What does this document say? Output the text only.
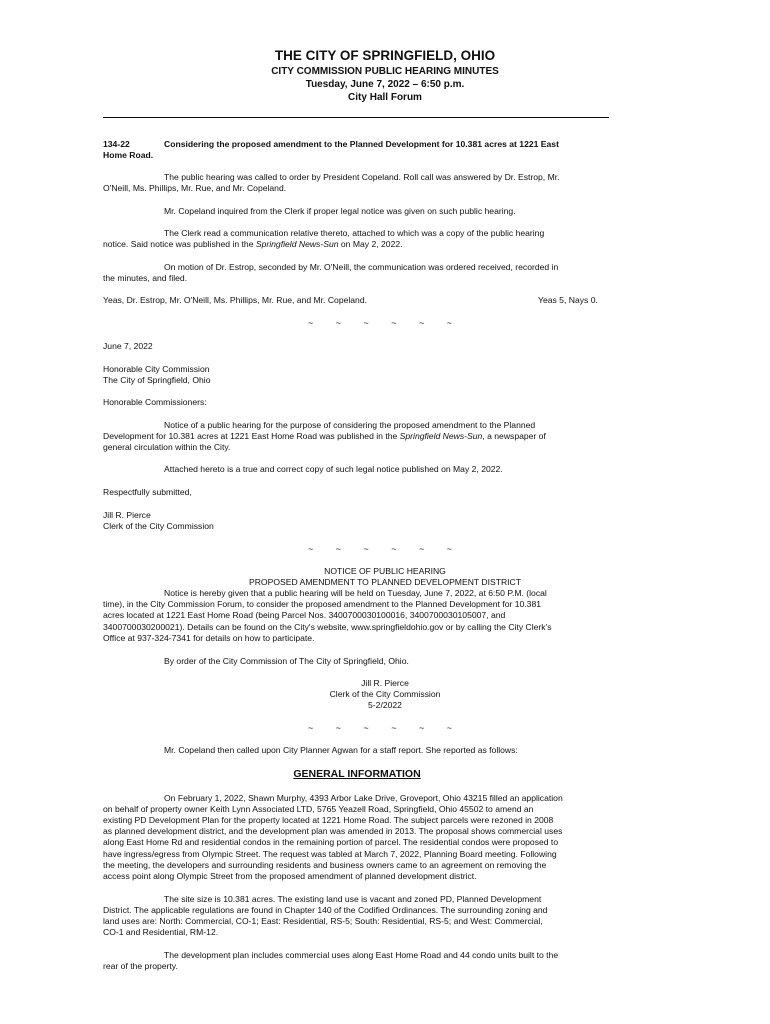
THE CITY OF SPRINGFIELD, OHIO
CITY COMMISSION PUBLIC HEARING MINUTES
Tuesday, June 7, 2022 – 6:50 p.m.
City Hall Forum
134-22	Considering the proposed amendment to the Planned Development for 10.381 acres at 1221 East
Home Road.
The public hearing was called to order by President Copeland. Roll call was answered by Dr. Estrop, Mr.
O'Neill, Ms. Phillips, Mr. Rue, and Mr. Copeland.
Mr. Copeland inquired from the Clerk if proper legal notice was given on such public hearing.
The Clerk read a communication relative thereto, attached to which was a copy of the public hearing
notice. Said notice was published in the Springfield News-Sun on May 2, 2022.
On motion of Dr. Estrop, seconded by Mr. O'Neill, the communication was ordered received, recorded in
the minutes, and filed.
Yeas, Dr. Estrop, Mr. O'Neill, Ms. Phillips, Mr. Rue, and Mr. Copeland.	Yeas 5, Nays 0.
~ ~ ~ ~ ~ ~
June 7, 2022
Honorable City Commission
The City of Springfield, Ohio
Honorable Commissioners:
Notice of a public hearing for the purpose of considering the proposed amendment to the Planned
Development for 10.381 acres at 1221 East Home Road was published in the Springfield News-Sun, a newspaper of
general circulation within the City.
Attached hereto is a true and correct copy of such legal notice published on May 2, 2022.
Respectfully submitted,
Jill R. Pierce
Clerk of the City Commission
~ ~ ~ ~ ~ ~
NOTICE OF PUBLIC HEARING
PROPOSED AMENDMENT TO PLANNED DEVELOPMENT DISTRICT
Notice is hereby given that a public hearing will be held on Tuesday, June 7, 2022, at 6:50 P.M. (local
time), in the City Commission Forum, to consider the proposed amendment to the Planned Development for 10.381
acres located at 1221 East Home Road (being Parcel Nos. 340070003010001​6, 340070003010500​7, and
340070003020002​1). Details can be found on the City's website, www.springfieldohio.gov or by calling the City Clerk's
Office at 937-324-7341 for details on how to participate.
By order of the City Commission of The City of Springfield, Ohio.
Jill R. Pierce
Clerk of the City Commission
5-2/2022
~ ~ ~ ~ ~ ~
Mr. Copeland then called upon City Planner Agwan for a staff report. She reported as follows:
GENERAL INFORMATION
On February 1, 2022, Shawn Murphy, 4393 Arbor Lake Drive, Groveport, Ohio 43215 filled an application
on behalf of property owner Keith Lynn Associated LTD, 5765 Yeazell Road, Springfield, Ohio 45502 to amend an
existing PD Development Plan for the property located at 1221 Home Road. The subject parcels were rezoned in 2008
as planned development district, and the development plan was amended in 2013. The proposal shows commercial uses
along East Home Rd and residential condos in the remaining portion of parcel. The residential condos were proposed to
have ingress/egress from Olympic Street. The request was tabled at March 7, 2022, Planning Board meeting. Following
the meeting, the developers and surrounding residents and business owners came to an agreement on removing the
access point along Olympic Street from the proposed amendment of planned development district.
The site size is 10.381 acres. The existing land use is vacant and zoned PD, Planned Development
District. The applicable regulations are found in Chapter 140 of the Codified Ordinances. The surrounding zoning and
land uses are: North: Commercial, CO-1; East: Residential, RS-5; South: Residential, RS-5; and West: Commercial,
CO-1 and Residential, RM-12.
The development plan includes commercial uses along East Home Road and 44 condo units built to the
rear of the property.
